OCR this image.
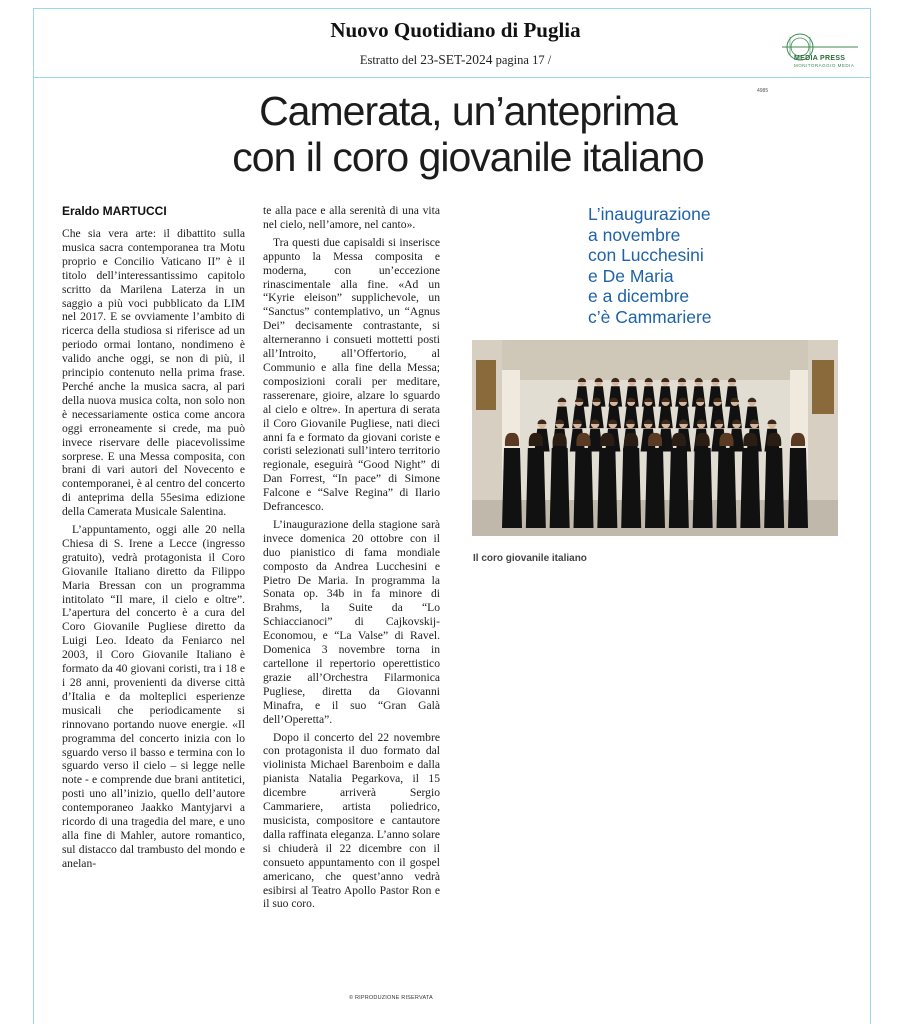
Nuovo Quotidiano di Puglia
Estratto del 23-SET-2024 pagina 17 /	MEDIA PRESS
MONITORAGGIO MEDIA
4985
Camerata, un’anteprima
con il coro giovanile italiano
Eraldo MARTUCCI

Che sia vera arte: il dibattito sulla musica sacra contemporanea tra Motu proprio e Concilio Vaticano II” è il titolo dell’interessantissimo capitolo scritto da Marilena Laterza in un saggio a più voci pubblicato da LIM nel 2017. E se ovviamente l’ambito di ricerca della studiosa si riferisce ad un periodo ormai lontano, nondimeno è valido anche oggi, se non di più, il principio contenuto nella prima frase. Perché anche la musica sacra, al pari della nuova musica colta, non solo non è necessariamente ostica come ancora oggi erroneamente si crede, ma può invece riservare delle piacevolissime sorprese. E una Messa composita, con brani di vari autori del Novecento e contemporanei, è al centro del concerto di anteprima della 55esima edizione della Camerata Musicale Salentina.

L’appuntamento, oggi alle 20 nella Chiesa di S. Irene a Lecce (ingresso gratuito), vedrà protagonista il Coro Giovanile Italiano diretto da Filippo Maria Bressan con un programma intitolato “Il mare, il cielo e oltre”. L’apertura del concerto è a cura del Coro Giovanile Pugliese diretto da Luigi Leo. Ideato da Feniarco nel 2003, il Coro Giovanile Italiano è formato da 40 giovani coristi, tra i 18 e i 28 anni, provenienti da diverse città d’Italia e da molteplici esperienze musicali che periodicamente si rinnovano portando nuove energie. «Il programma del concerto inizia con lo sguardo verso il basso e termina con lo sguardo verso il cielo – si legge nelle note - e comprende due brani antitetici, posti uno all’inizio, quello dell’autore contemporaneo Jaakko Mantyjarvi a ricordo di una tragedia del mare, e uno alla fine di Mahler, autore romantico, sul distacco dal trambusto del mondo e anelan-

te alla pace e alla serenità di una vita nel cielo, nell’amore, nel canto».

Tra questi due capisaldi si inserisce appunto la Messa composita e moderna, con un’eccezione rinascimentale alla fine. «Ad un “Kyrie eleison” supplichevole, un “Sanctus” contemplativo, un “Agnus Dei” decisamente contrastante, si alterneranno i consueti mottetti posti all’Introito, all’Offertorio, al Communio e alla fine della Messa; composizioni corali per meditare, rasserenare, gioire, alzare lo sguardo al cielo e oltre». In apertura di serata il Coro Giovanile Pugliese, nati dieci anni fa e formato da giovani coriste e coristi selezionati sull’intero territorio regionale, eseguirà “Good Night” di Dan Forrest, “In pace” di Simone Falcone e “Salve Regina” di Ilario Defrancesco.

L’inaugurazione della stagione sarà invece domenica 20 ottobre con il duo pianistico di fama mondiale composto da Andrea Lucchesini e Pietro De Maria. In programma la Sonata op. 34b in fa minore di Brahms, la Suite da “Lo Schiaccianoci” di Cajkovskij-Economou, e “La Valse” di Ravel. Domenica 3 novembre torna in cartellone il repertorio operettistico grazie all’Orchestra Filarmonica Pugliese, diretta da Giovanni Minafra, e il suo “Gran Galà dell’Operetta”.

Dopo il concerto del 22 novembre con protagonista il duo formato dal violinista Michael Barenboim e dalla pianista Natalia Pegarkova, il 15 dicembre arriverà Sergio Cammariere, artista poliedrico, musicista, compositore e cantautore dalla raffinata eleganza. L’anno solare si chiuderà il 22 dicembre con il consueto appuntamento con il gospel americano, che quest’anno vedrà esibirsi al Teatro Apollo Pastor Ron e il suo coro.

L’inaugurazione
a novembre
con Lucchesini
e De Maria
e a dicembre
c’è Cammariere
Il coro giovanile italiano
© RIPRODUZIONE RISERVATA
